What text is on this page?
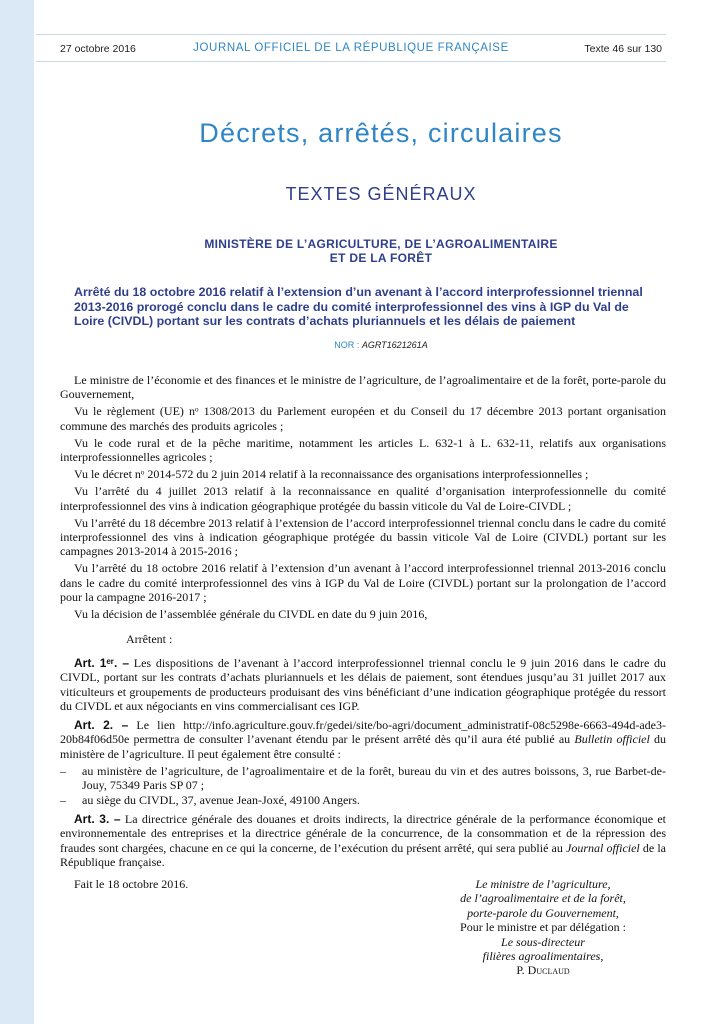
27 octobre 2016	JOURNAL OFFICIEL DE LA RÉPUBLIQUE FRANÇAISE	Texte 46 sur 130
Décrets, arrêtés, circulaires
TEXTES GÉNÉRAUX
MINISTÈRE DE L’AGRICULTURE, DE L’AGROALIMENTAIRE
ET DE LA FORÊT
Arrêté du 18 octobre 2016 relatif à l’extension d’un avenant à l’accord interprofessionnel triennal
2013-2016 prorogé conclu dans le cadre du comité interprofessionnel des vins à IGP du Val de
Loire (CIVDL) portant sur les contrats d’achats pluriannuels et les délais de paiement
NOR : AGRT1621261A

Le ministre de l’économie et des finances et le ministre de l’agriculture, de l’agroalimentaire et de la forêt, porte-parole du Gouvernement,

Vu le règlement (UE) nᵒ 1308/2013 du Parlement européen et du Conseil du 17 décembre 2013 portant organisation commune des marchés des produits agricoles ;

Vu le code rural et de la pêche maritime, notamment les articles L. 632-1 à L. 632-11, relatifs aux organisations interprofessionnelles agricoles ;

Vu le décret nᵒ 2014-572 du 2 juin 2014 relatif à la reconnaissance des organisations interprofessionnelles ;

Vu l’arrêté du 4 juillet 2013 relatif à la reconnaissance en qualité d’organisation interprofessionnelle du comité interprofessionnel des vins à indication géographique protégée du bassin viticole du Val de Loire-CIVDL ;

Vu l’arrêté du 18 décembre 2013 relatif à l’extension de l’accord interprofessionnel triennal conclu dans le cadre du comité interprofessionnel des vins à indication géographique protégée du bassin viticole Val de Loire (CIVDL) portant sur les campagnes 2013-2014 à 2015-2016 ;

Vu l’arrêté du 18 octobre 2016 relatif à l’extension d’un avenant à l’accord interprofessionnel triennal 2013-2016 conclu dans le cadre du comité interprofessionnel des vins à IGP du Val de Loire (CIVDL) portant sur la prolongation de l’accord pour la campagne 2016-2017 ;

Vu la décision de l’assemblée générale du CIVDL en date du 9 juin 2016,

Arrêtent :

Art. 1ᵉʳ. – Les dispositions de l’avenant à l’accord interprofessionnel triennal conclu le 9 juin 2016 dans le cadre du CIVDL, portant sur les contrats d’achats pluriannuels et les délais de paiement, sont étendues jusqu’au 31 juillet 2017 aux viticulteurs et groupements de producteurs produisant des vins bénéficiant d’une indication géographique protégée du ressort du CIVDL et aux négociants en vins commercialisant ces IGP.

Art. 2. – Le lien http://info.agriculture.gouv.fr/gedei/site/bo-agri/document_administratif-08c5298e-6663-494d-ade3-20b84f06d50e permettra de consulter l’avenant étendu par le présent arrêté dès qu’il aura été publié au Bulletin officiel du ministère de l’agriculture. Il peut également être consulté :

– au ministère de l’agriculture, de l’agroalimentaire et de la forêt, bureau du vin et des autres boissons, 3, rue Barbet-de-Jouy, 75349 Paris SP 07 ;
– au siège du CIVDL, 37, avenue Jean-Joxé, 49100 Angers.

Art. 3. – La directrice générale des douanes et droits indirects, la directrice générale de la performance économique et environnementale des entreprises et la directrice générale de la concurrence, de la consommation et de la répression des fraudes sont chargées, chacune en ce qui la concerne, de l’exécution du présent arrêté, qui sera publié au Journal officiel de la République française.

Fait le 18 octobre 2016.	Le ministre de l’agriculture,
de l’agroalimentaire et de la forêt,
porte-parole du Gouvernement,
Pour le ministre et par délégation :
Le sous-directeur
filières agroalimentaires,
P. Duclaud
